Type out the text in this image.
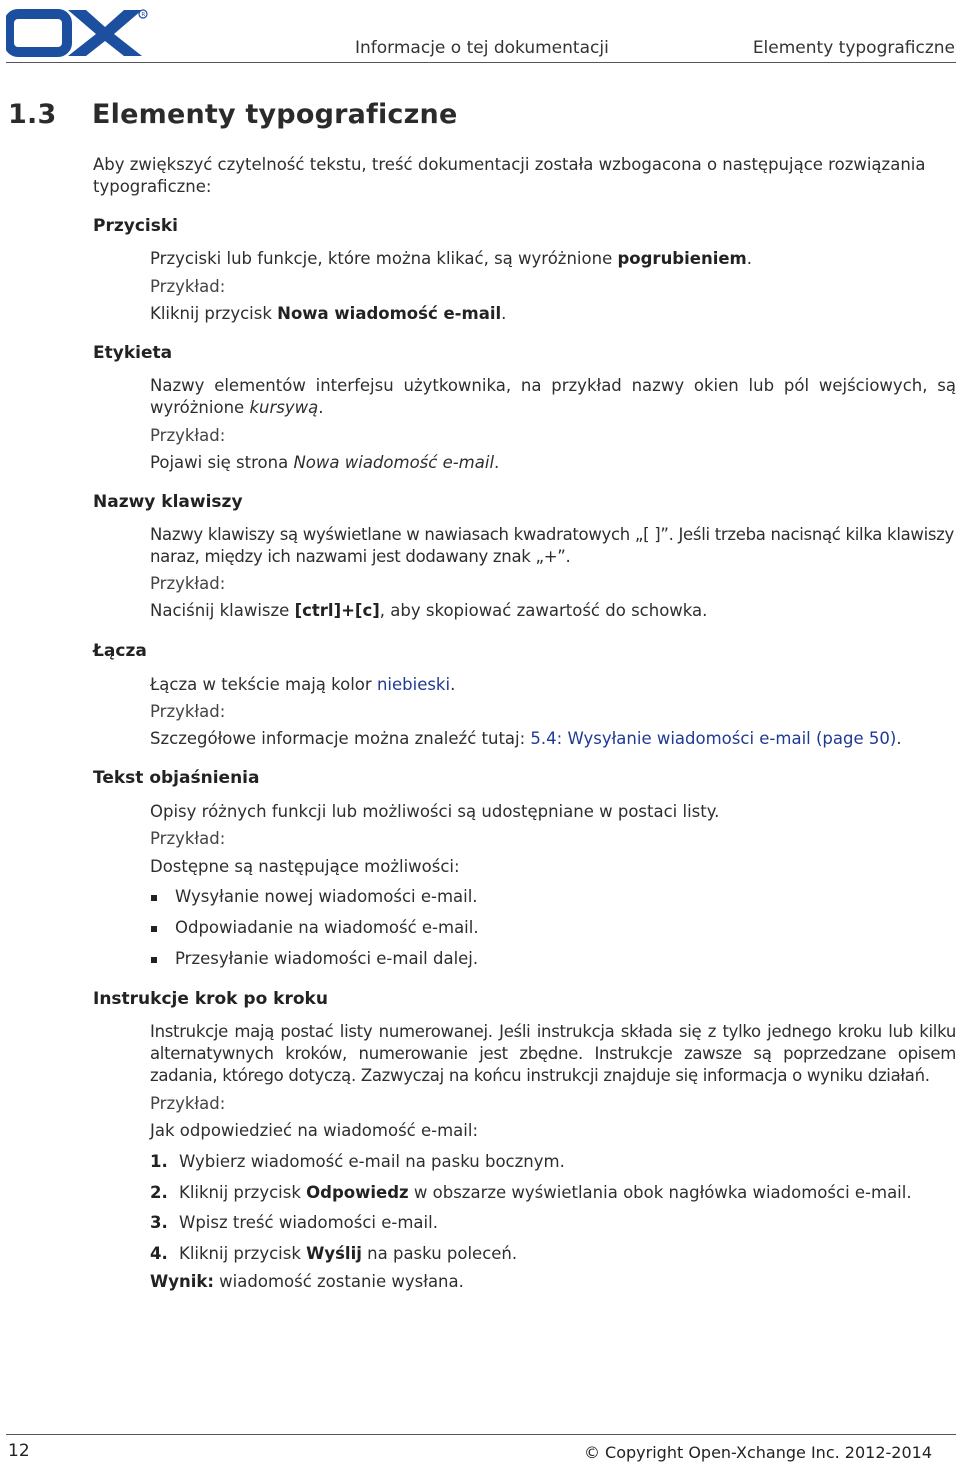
R
Informacje o tej dokumentacji	Elementy typograficzne
1.3 Elementy typograficzne
Aby zwiększyć czytelność tekstu, treść dokumentacji została wzbogacona o następujące rozwiązania typograficzne:
Przyciski
Przyciski lub funkcje, które można klikać, są wyróżnione pogrubieniem.
Przykład:
Kliknij przycisk Nowa wiadomość e-mail.
Etykieta
Nazwy elementów interfejsu użytkownika, na przykład nazwy okien lub pól wejściowych, są wyróżnione kursywą.
Przykład:
Pojawi się strona Nowa wiadomość e-mail.
Nazwy klawiszy
Nazwy klawiszy są wyświetlane w nawiasach kwadratowych „[ ]”. Jeśli trzeba nacisnąć kilka klawiszy naraz, między ich nazwami jest dodawany znak „+”.
Przykład:
Naciśnij klawisze [ctrl]+[c], aby skopiować zawartość do schowka.
Łącza
Łącza w tekście mają kolor niebieski.
Przykład:
Szczegółowe informacje można znaleźć tutaj: 5.4: Wysyłanie wiadomości e-mail (page 50).
Tekst objaśnienia
Opisy różnych funkcji lub możliwości są udostępniane w postaci listy.
Przykład:
Dostępne są następujące możliwości:
Wysyłanie nowej wiadomości e-mail.
Odpowiadanie na wiadomość e-mail.
Przesyłanie wiadomości e-mail dalej.
Instrukcje krok po kroku
Instrukcje mają postać listy numerowanej. Jeśli instrukcja składa się z tylko jednego kroku lub kilku alternatywnych kroków, numerowanie jest zbędne. Instrukcje zawsze są poprzedzane opisem zadania, którego dotyczą. Zazwyczaj na końcu instrukcji znajduje się informacja o wyniku działań.
Przykład:
Jak odpowiedzieć na wiadomość e-mail:
1. Wybierz wiadomość e-mail na pasku bocznym.
2. Kliknij przycisk Odpowiedz w obszarze wyświetlania obok nagłówka wiadomości e-mail.
3. Wpisz treść wiadomości e-mail.
4. Kliknij przycisk Wyślij na pasku poleceń.
Wynik: wiadomość zostanie wysłana.
12	© Copyright Open-Xchange Inc. 2012-2014
